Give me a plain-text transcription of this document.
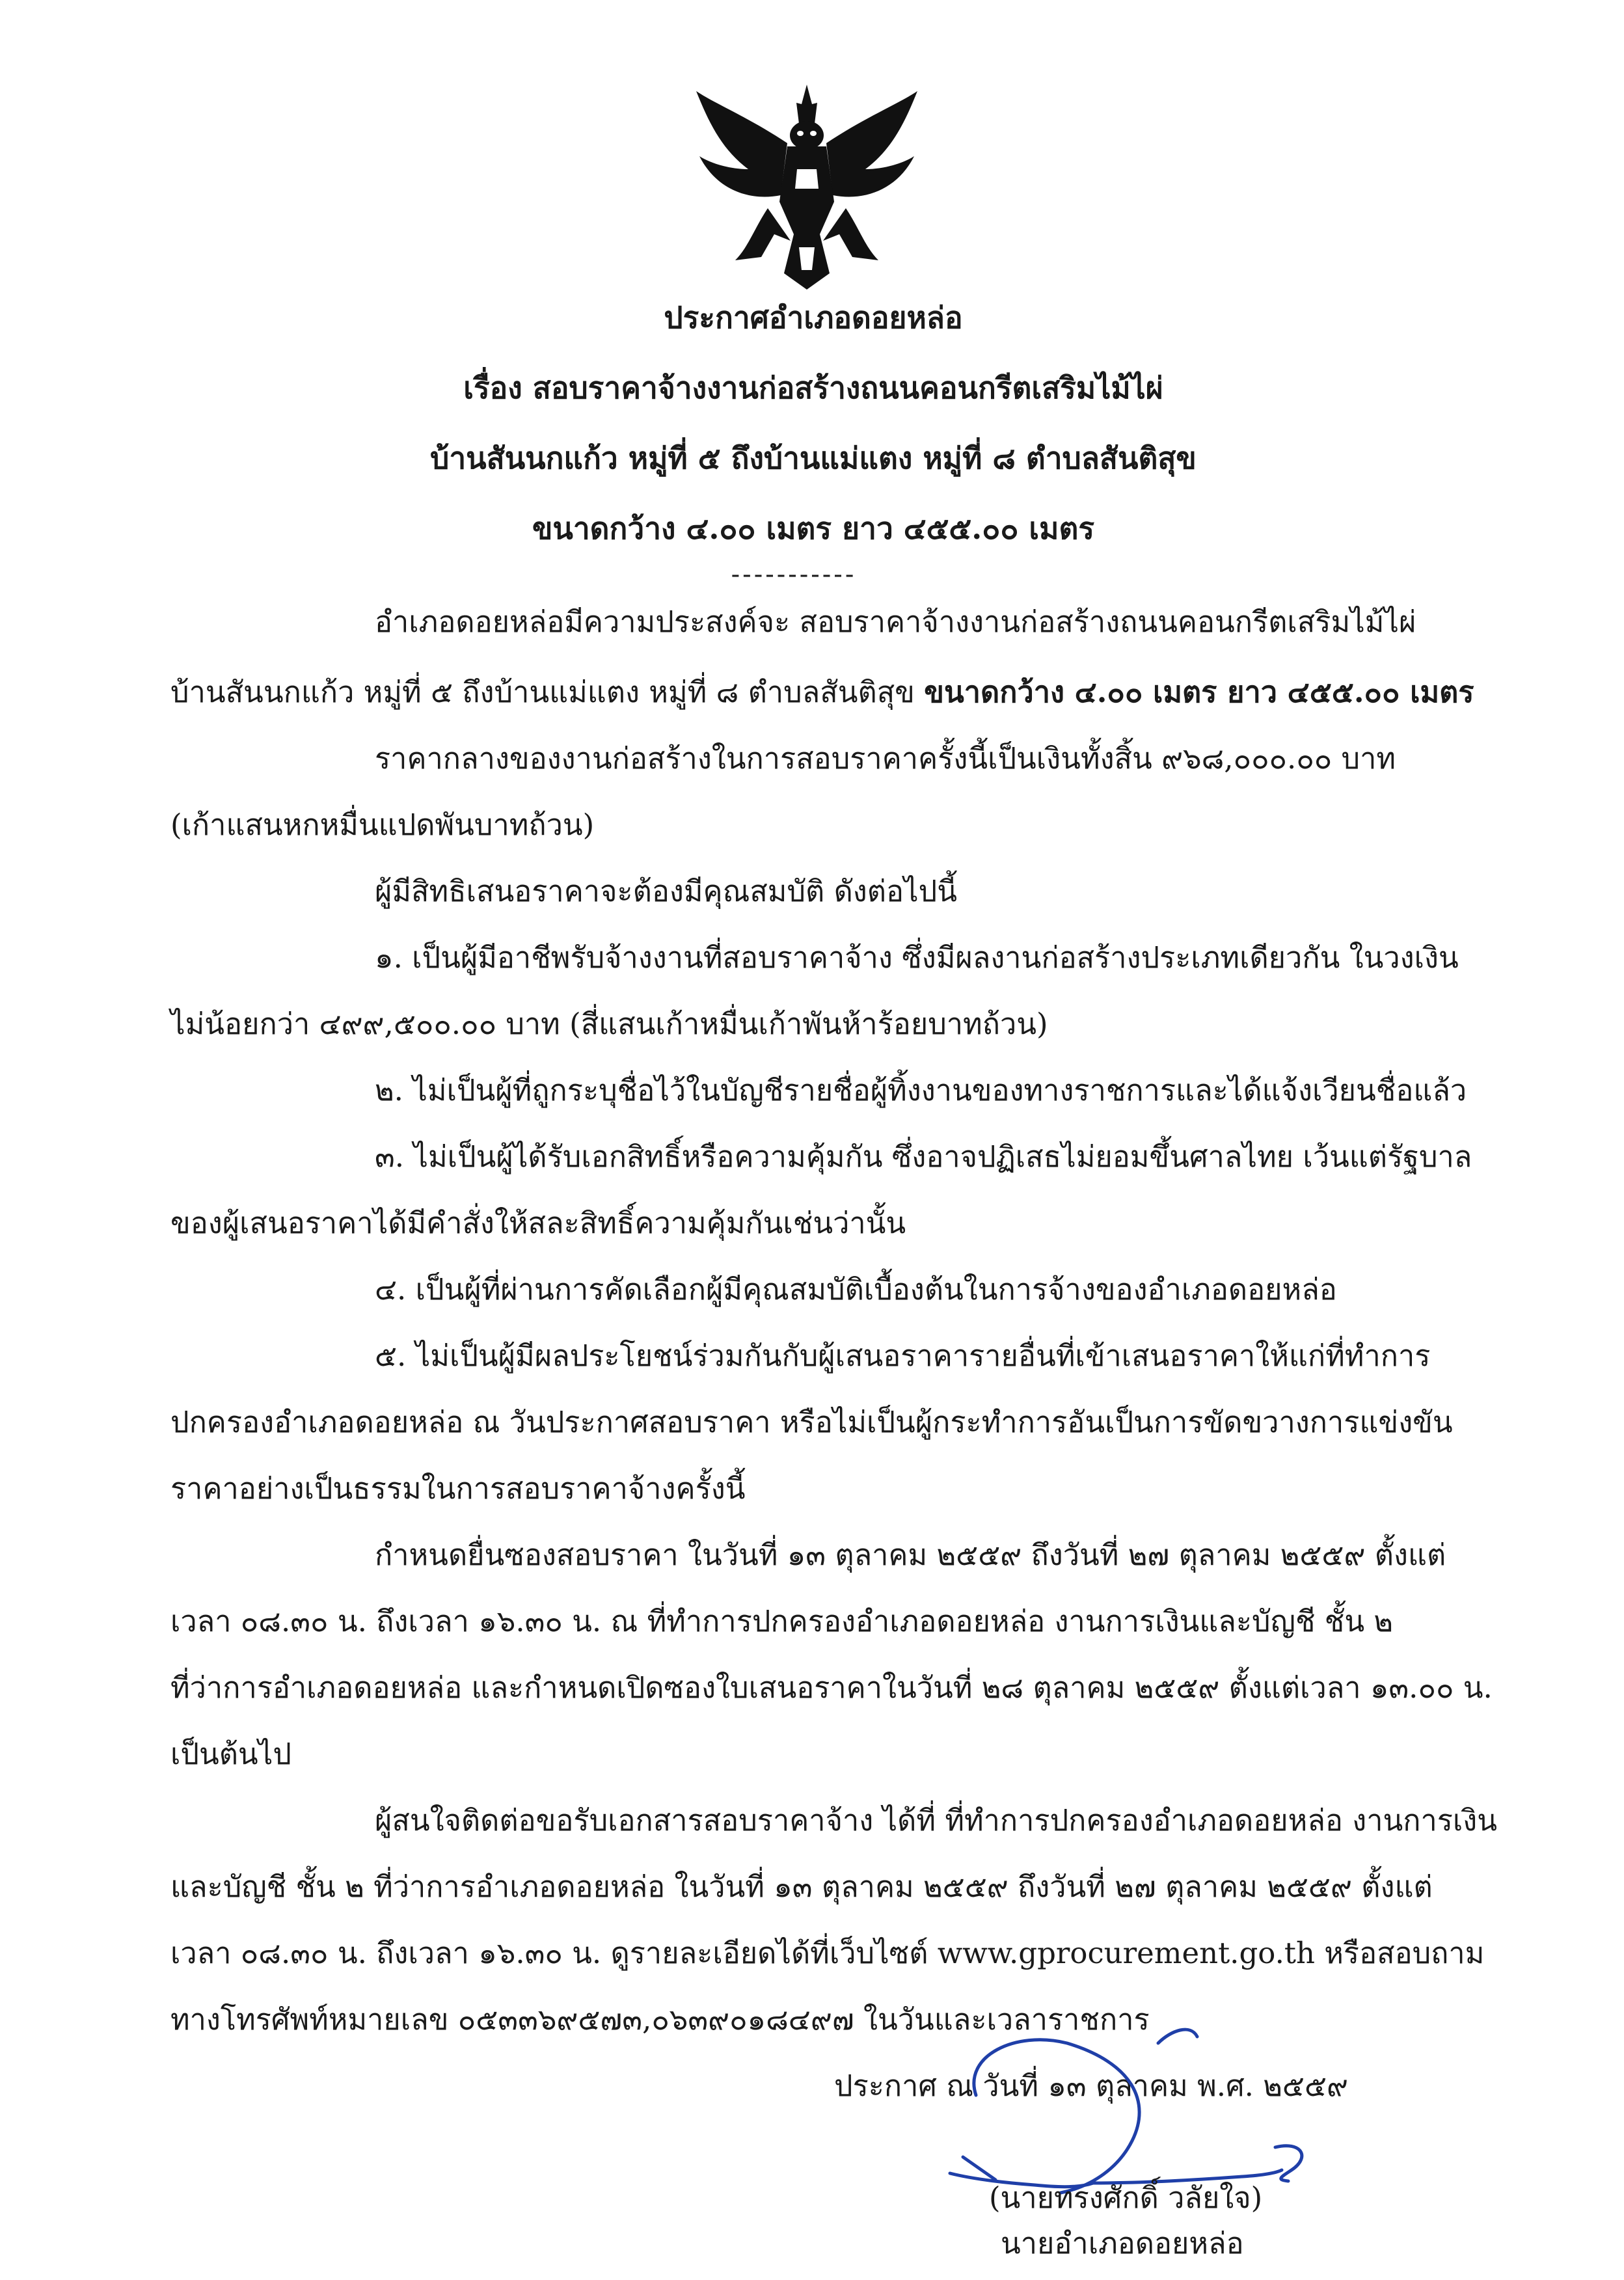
ประกาศอำเภอดอยหล่อ
เรื่อง สอบราคาจ้างงานก่อสร้างถนนคอนกรีตเสริมไม้ไผ่
บ้านสันนกแก้ว หมู่ที่ ๕ ถึงบ้านแม่แตง หมู่ที่ ๘ ตำบลสันติสุข
ขนาดกว้าง ๔.๐๐ เมตร ยาว ๔๕๕.๐๐ เมตร
-----------
อำเภอดอยหล่อมีความประสงค์จะ สอบราคาจ้างงานก่อสร้างถนนคอนกรีตเสริมไม้ไผ่
บ้านสันนกแก้ว หมู่ที่ ๕ ถึงบ้านแม่แตง หมู่ที่ ๘ ตำบลสันติสุข ขนาดกว้าง ๔.๐๐ เมตร ยาว ๔๕๕.๐๐ เมตร
ราคากลางของงานก่อสร้างในการสอบราคาครั้งนี้เป็นเงินทั้งสิ้น ๙๖๘,๐๐๐.๐๐ บาท
(เก้าแสนหกหมื่นแปดพันบาทถ้วน)
ผู้มีสิทธิเสนอราคาจะต้องมีคุณสมบัติ ดังต่อไปนี้
๑. เป็นผู้มีอาชีพรับจ้างงานที่สอบราคาจ้าง ซึ่งมีผลงานก่อสร้างประเภทเดียวกัน ในวงเงิน
ไม่น้อยกว่า ๔๙๙,๕๐๐.๐๐ บาท (สี่แสนเก้าหมื่นเก้าพันห้าร้อยบาทถ้วน)
๒. ไม่เป็นผู้ที่ถูกระบุชื่อไว้ในบัญชีรายชื่อผู้ทิ้งงานของทางราชการและได้แจ้งเวียนชื่อแล้ว
๓. ไม่เป็นผู้ได้รับเอกสิทธิ์หรือความคุ้มกัน ซึ่งอาจปฏิเสธไม่ยอมขึ้นศาลไทย เว้นแต่รัฐบาล
ของผู้เสนอราคาได้มีคำสั่งให้สละสิทธิ์ความคุ้มกันเช่นว่านั้น
๔. เป็นผู้ที่ผ่านการคัดเลือกผู้มีคุณสมบัติเบื้องต้นในการจ้างของอำเภอดอยหล่อ
๕. ไม่เป็นผู้มีผลประโยชน์ร่วมกันกับผู้เสนอราคารายอื่นที่เข้าเสนอราคาให้แก่ที่ทำการ
ปกครองอำเภอดอยหล่อ ณ วันประกาศสอบราคา หรือไม่เป็นผู้กระทำการอันเป็นการขัดขวางการแข่งขัน
ราคาอย่างเป็นธรรมในการสอบราคาจ้างครั้งนี้
กำหนดยื่นซองสอบราคา ในวันที่ ๑๓ ตุลาคม ๒๕๕๙ ถึงวันที่ ๒๗ ตุลาคม ๒๕๕๙ ตั้งแต่
เวลา ๐๘.๓๐ น. ถึงเวลา ๑๖.๓๐ น. ณ ที่ทำการปกครองอำเภอดอยหล่อ งานการเงินและบัญชี ชั้น ๒
ที่ว่าการอำเภอดอยหล่อ และกำหนดเปิดซองใบเสนอราคาในวันที่ ๒๘ ตุลาคม ๒๕๕๙ ตั้งแต่เวลา ๑๓.๐๐ น.
เป็นต้นไป
ผู้สนใจติดต่อขอรับเอกสารสอบราคาจ้าง ได้ที่ ที่ทำการปกครองอำเภอดอยหล่อ งานการเงิน
และบัญชี ชั้น ๒ ที่ว่าการอำเภอดอยหล่อ ในวันที่ ๑๓ ตุลาคม ๒๕๕๙ ถึงวันที่ ๒๗ ตุลาคม ๒๕๕๙ ตั้งแต่
เวลา ๐๘.๓๐ น. ถึงเวลา ๑๖.๓๐ น. ดูรายละเอียดได้ที่เว็บไซต์ www.gprocurement.go.th หรือสอบถาม
ทางโทรศัพท์หมายเลข ๐๕๓๓๖๙๕๗๓,๐๖๓๙๐๑๘๔๙๗ ในวันและเวลาราชการ
ประกาศ ณ วันที่ ๑๓ ตุลาคม พ.ศ. ๒๕๕๙
(นายทรงศักดิ์ วลัยใจ)
นายอำเภอดอยหล่อ
